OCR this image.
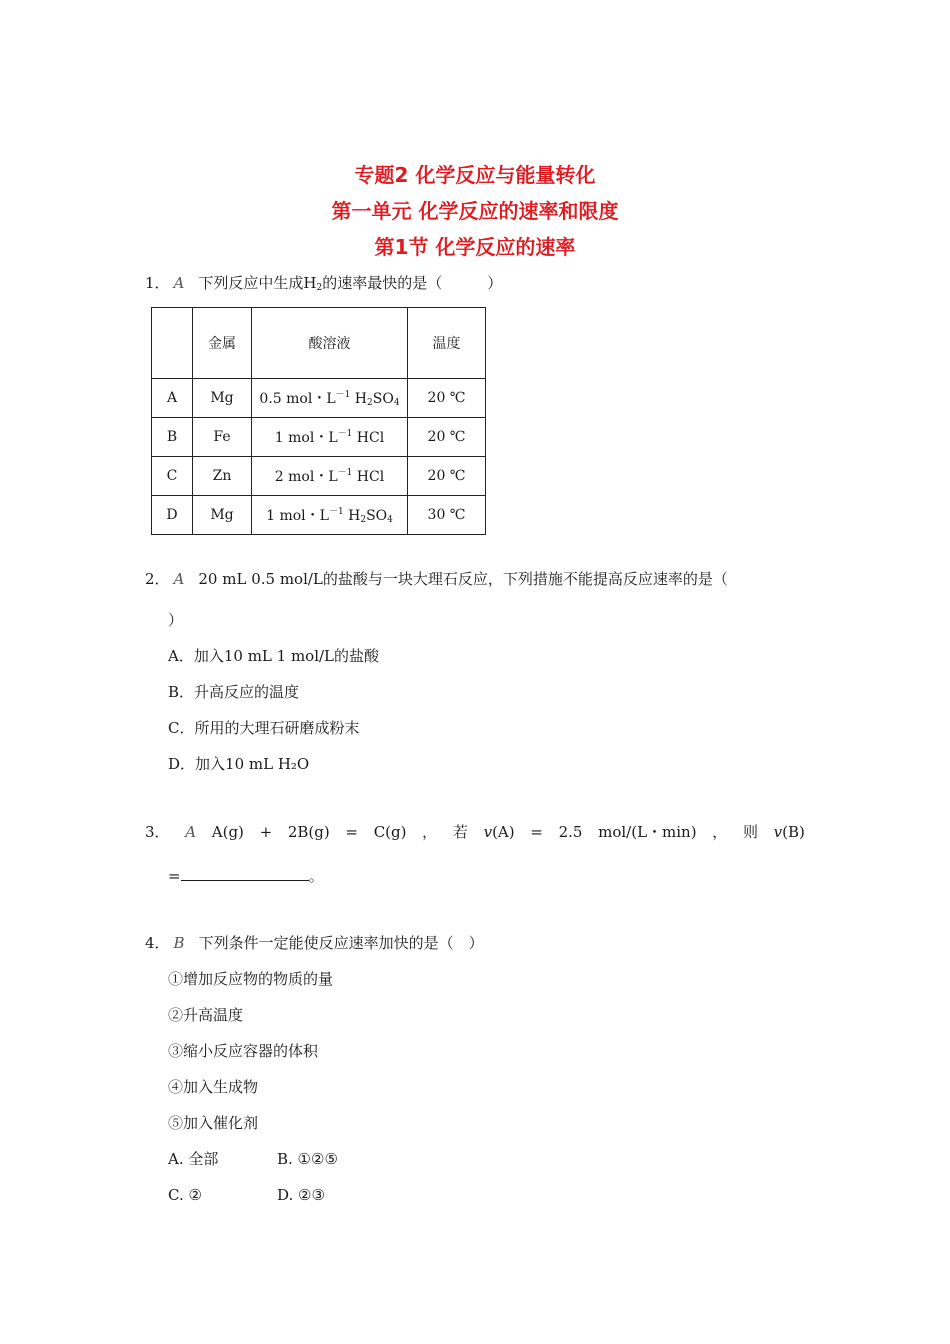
专题2 化学反应与能量转化
第一单元 化学反应的速率和限度
第1节 化学反应的速率
1． A 下列反应中生成$H_2$的速率最快的是（　　　）
	金属	酸溶液	温度
A	Mg	0.5 mol・$L^{-1}$ $H_2SO_4$	20 ℃
B	Fe	1 mol・$L^{-1}$ HCl	20 ℃
C	Zn	2 mol・$L^{-1}$ HCl	20 ℃
D	Mg	1 mol・$L^{-1}$ $H_2SO_4$	30 ℃
2． A 20 mL 0.5 mol/L的盐酸与一块大理石反应，下列措施不能提高反应速率的是（
）
A．加入10 mL 1 mol/L的盐酸
B．升高反应的温度
C．所用的大理石研磨成粉末
D．加入10 mL H₂O
3． A A(g) + 2B(g) = C(g) ， 若 v(A) = 2.5 mol/(L・min) ， 则 v(B)
=	。
4． B 下列条件一定能使反应速率加快的是（　）
①增加反应物的物质的量
②升高温度
③缩小反应容器的体积
④加入生成物
⑤加入催化剂
A. 全部	B. ①②⑤
C. ②	D. ②③
